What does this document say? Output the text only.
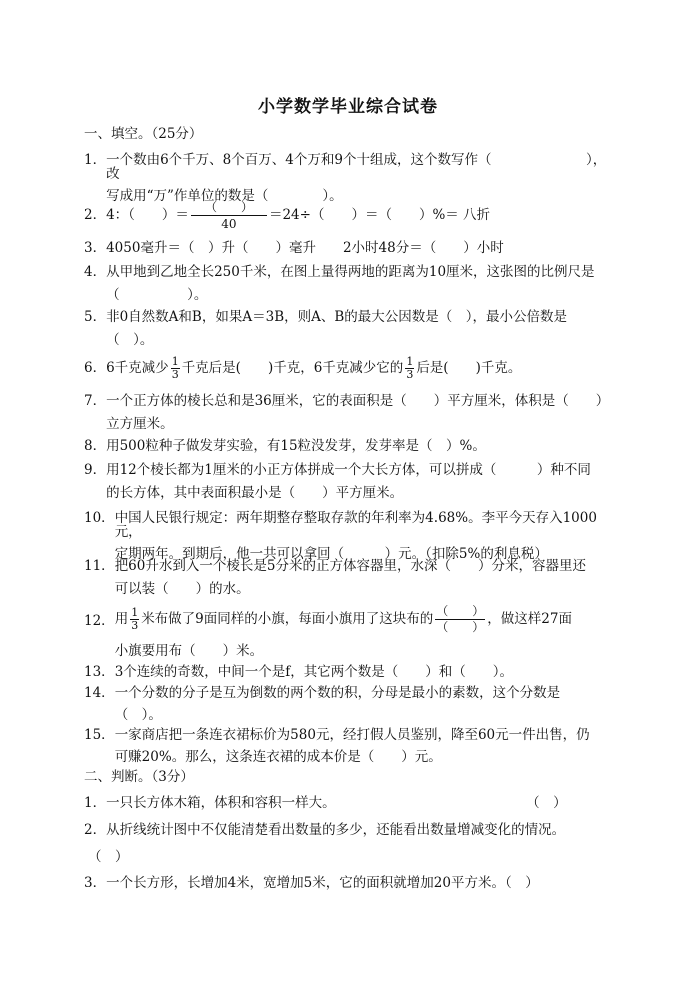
小学数学毕业综合试卷
一、填空。（25分）
1． 一个数由6个千万、8个百万、4个万和9个十组成，这个数写作（　　　　　　　），改
写成用“万”作单位的数是（　　　　）。
2． 4：（　　）＝ $\frac{( )}{40} =24\div$（　　）＝（　　）%＝ 八折
3． 4050毫升＝（　）升（　　）毫升　　2小时48分＝（　　）小时
4． 从甲地到乙地全长250千米，在图上量得两地的距离为10厘米，这张图的比例尺是
（　　　　　）。
5． 非0自然数A和B，如果A＝3B，则A、B的最大公因数是（　），最小公倍数是
（　）。
6． 6千克减少 $\frac{1}{3}$ 千克后是(　　)千克，6千克减少它的 $\frac{1}{3}$ 后是(　　)千克。
7． 一个正方体的棱长总和是36厘米，它的表面积是（　　）平方厘米，体积是（　　）
立方厘米。
8． 用500粒种子做发芽实验，有15粒没发芽，发芽率是（　）%。
9． 用12个棱长都为1厘米的小正方体拼成一个大长方体，可以拼成（　　　）种不同
的长方体，其中表面积最小是（　　）平方厘米。
10． 中国人民银行规定：两年期整存整取存款的年利率为4.68%。李平今天存入1000元，
定期两年。到期后，他一共可以拿回（　　　）元。（扣除5%的利息税）
11． 把60升水到入一个棱长是5分米的正方体容器里，水深（　　）分米，容器里还
可以装（　　）的水。
12． 用 $\frac{1}{3}$ 米布做了9面同样的小旗，每面小旗用了这块布的 $\frac{( )}{( )}$ ，做这样27面
小旗要用布（　　）米。
13． 3个连续的奇数，中间一个是f，其它两个数是（　　）和（　　）。
14． 一个分数的分子是互为倒数的两个数的积，分母是最小的素数，这个分数是
（　）。
15． 一家商店把一条连衣裙标价为580元，经打假人员鉴别，降至60元一件出售，仍
可赚20%。那么，这条连衣裙的成本价是（　　）元。
二、判断。（3分）
1． 一只长方体木箱，体积和容积一样大。	（　）
2． 从折线统计图中不仅能清楚看出数量的多少，还能看出数量增减变化的情况。
（　）
3． 一个长方形，长增加4米，宽增加5米，它的面积就增加20平方米。（　）
